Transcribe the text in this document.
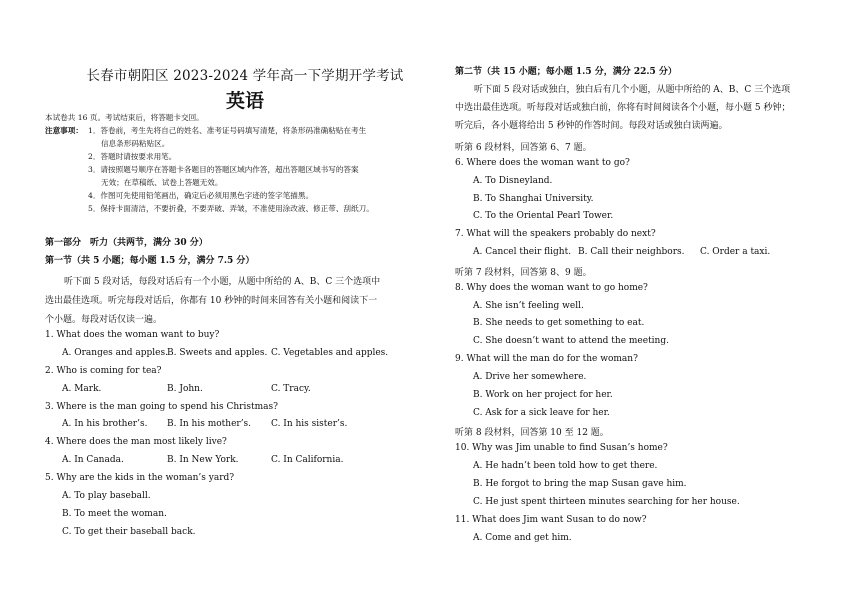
长春市朝阳区 2023-2024 学年高一下学期开学考试
英语
本试卷共 16 页。考试结束后，将答题卡交回。
注意事项： 1．答卷前，考生先将自己的姓名、准考证号码填写清楚，将条形码准确粘贴在考生
信息条形码粘贴区。
2．答题时请按要求用笔。
3．请按照题号顺序在答题卡各题目的答题区域内作答，超出答题区域书写的答案
无效；在草稿纸、试卷上答题无效。
4．作图可先使用铅笔画出，确定后必须用黑色字迹的签字笔描黑。
5．保持卡面清洁，不要折叠，不要弄破、弄皱，不准使用涂改液、修正带、刮纸刀。
第一部分　听力（共两节，满分 30 分）
第一节（共 5 小题；每小题 1.5 分，满分 7.5 分）
听下面 5 段对话，每段对话后有一个小题，从题中所给的 A、B、C 三个选项中
选出最佳选项。听完每段对话后，你都有 10 秒钟的时间来回答有关小题和阅读下一
个小题。每段对话仅读一遍。
1. What does the woman want to buy?
A. Oranges and apples. B. Sweets and apples. C. Vegetables and apples.
2. Who is coming for tea?
A. Mark.	B. John.	C. Tracy.
3. Where is the man going to spend his Christmas?
A. In his brother’s. B. In his mother’s. C. In his sister’s.
4. Where does the man most likely live?
A. In Canada.	B. In New York.	C. In California.
5. Why are the kids in the woman’s yard?
A. To play baseball.
B. To meet the woman.
C. To get their baseball back.
第二节（共 15 小题；每小题 1.5 分，满分 22.5 分）
听下面 5 段对话或独白，独白后有几个小题，从题中所给的 A、B、C 三个选项
中选出最佳选项。听每段对话或独白前，你将有时间阅读各个小题，每小题 5 秒钟；
听完后，各小题将给出 5 秒钟的作答时间。每段对话或独白读两遍。
听第 6 段材料，回答第 6、7 题。
6. Where does the woman want to go?
A. To Disneyland.
B. To Shanghai University.
C. To the Oriental Pearl Tower.
7. What will the speakers probably do next?
A. Cancel their flight. B. Call their neighbors. C. Order a taxi.
听第 7 段材料，回答第 8、9 题。
8. Why does the woman want to go home?
A. She isn’t feeling well.
B. She needs to get something to eat.
C. She doesn’t want to attend the meeting.
9. What will the man do for the woman?
A. Drive her somewhere.
B. Work on her project for her.
C. Ask for a sick leave for her.
听第 8 段材料，回答第 10 至 12 题。
10. Why was Jim unable to find Susan’s home?
A. He hadn’t been told how to get there.
B. He forgot to bring the map Susan gave him.
C. He just spent thirteen minutes searching for her house.
11. What does Jim want Susan to do now?
A. Come and get him.
